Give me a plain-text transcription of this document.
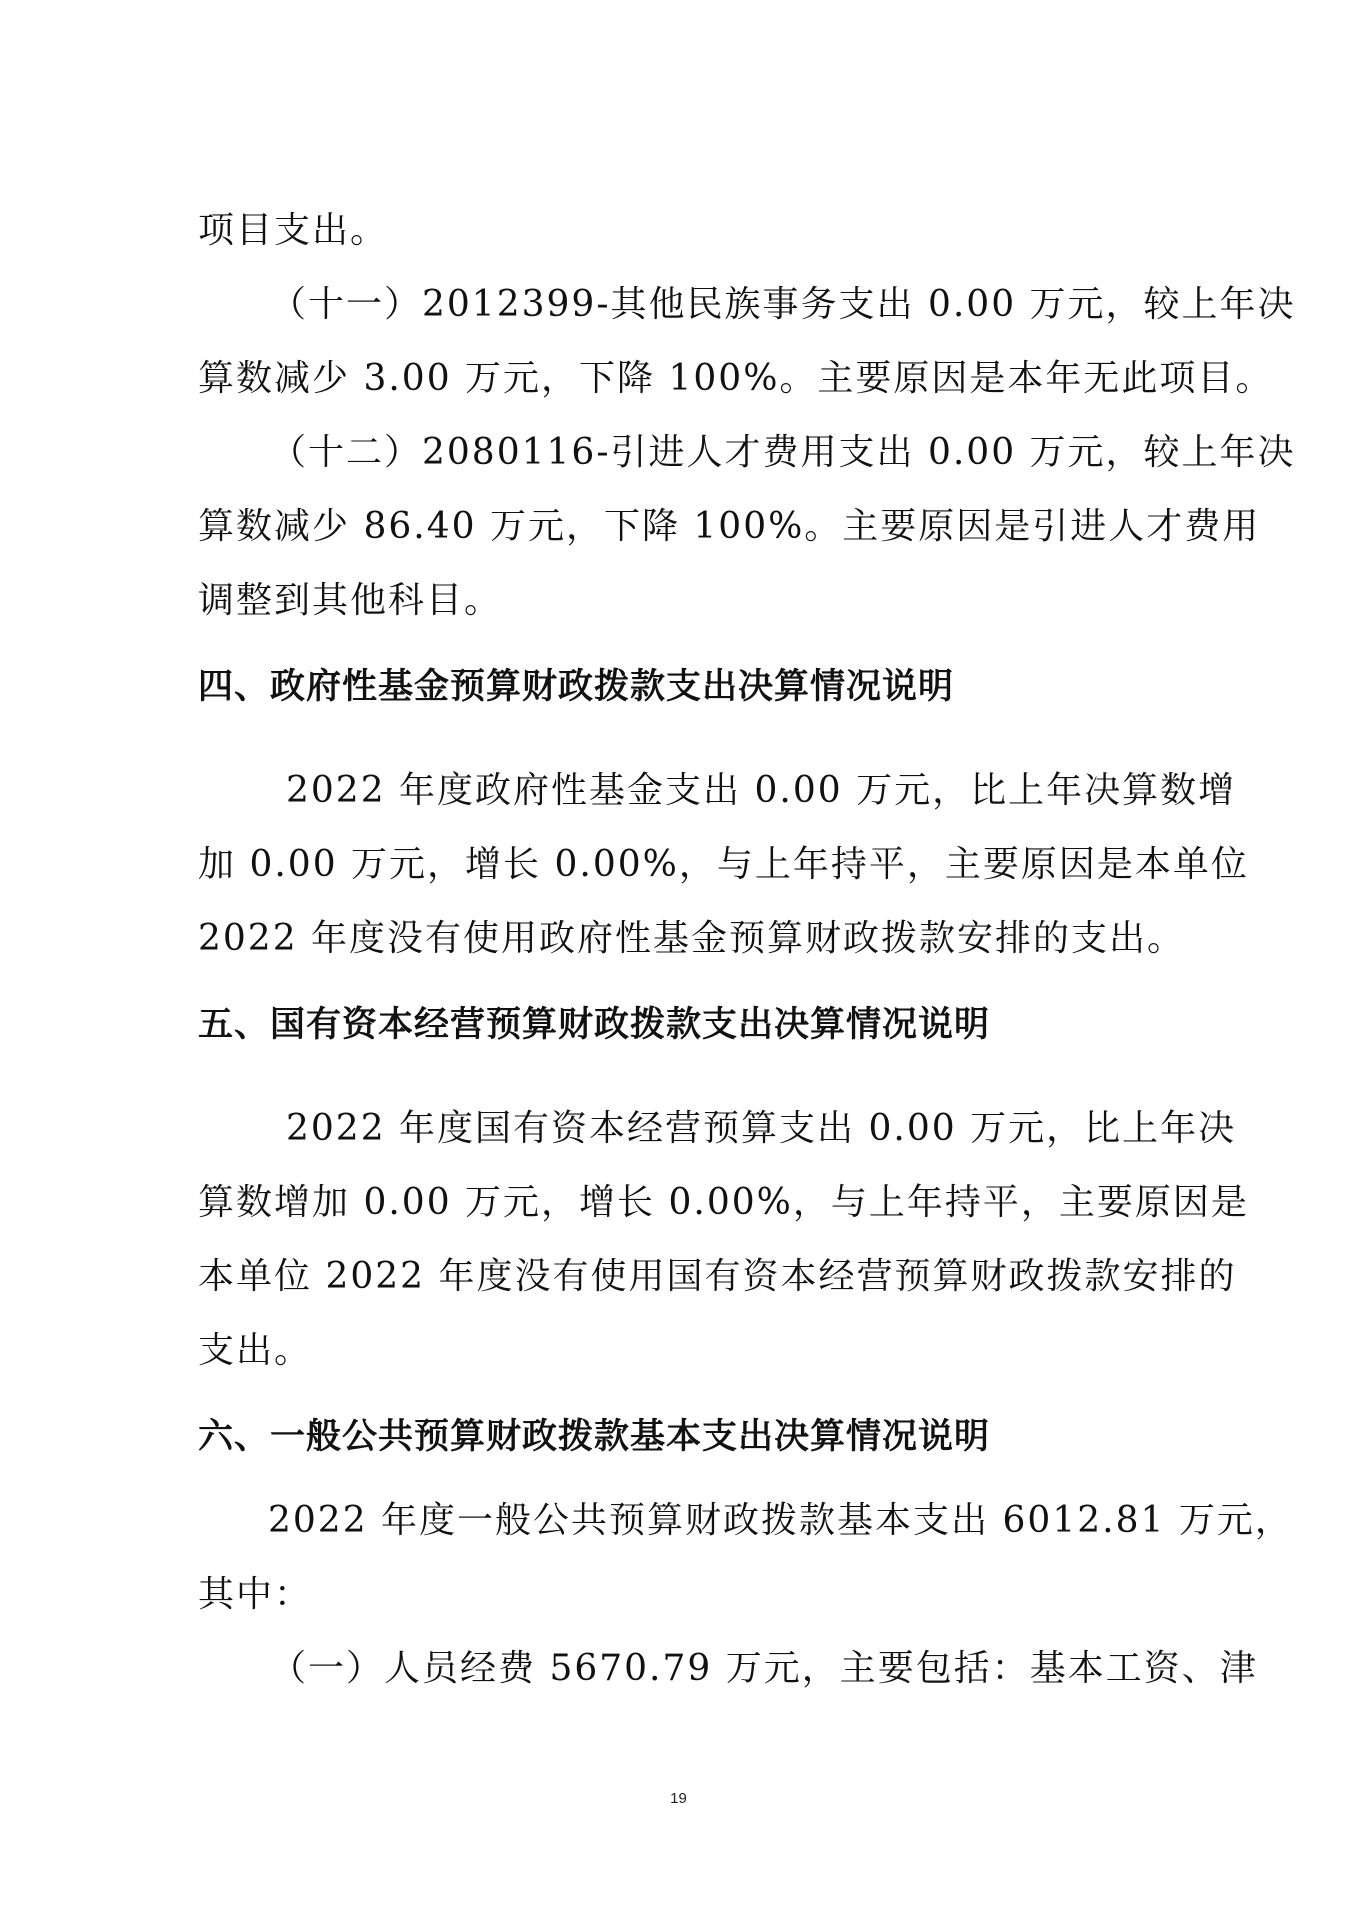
项目支出。
（十一）2012399-其他民族事务支出 0.00 万元，较上年决
算数减少 3.00 万元，下降 100%。主要原因是本年无此项目。
（十二）2080116-引进人才费用支出 0.00 万元，较上年决
算数减少 86.40 万元，下降 100%。主要原因是引进人才费用
调整到其他科目。
四、政府性基金预算财政拨款支出决算情况说明
2022 年度政府性基金支出 0.00 万元，比上年决算数增
加 0.00 万元，增长 0.00%，与上年持平，主要原因是本单位
2022 年度没有使用政府性基金预算财政拨款安排的支出。
五、国有资本经营预算财政拨款支出决算情况说明
2022 年度国有资本经营预算支出 0.00 万元，比上年决
算数增加 0.00 万元，增长 0.00%，与上年持平，主要原因是
本单位 2022 年度没有使用国有资本经营预算财政拨款安排的
支出。
六、一般公共预算财政拨款基本支出决算情况说明
2022 年度一般公共预算财政拨款基本支出 6012.81 万元，
其中：
（一）人员经费 5670.79 万元，主要包括：基本工资、津
19
